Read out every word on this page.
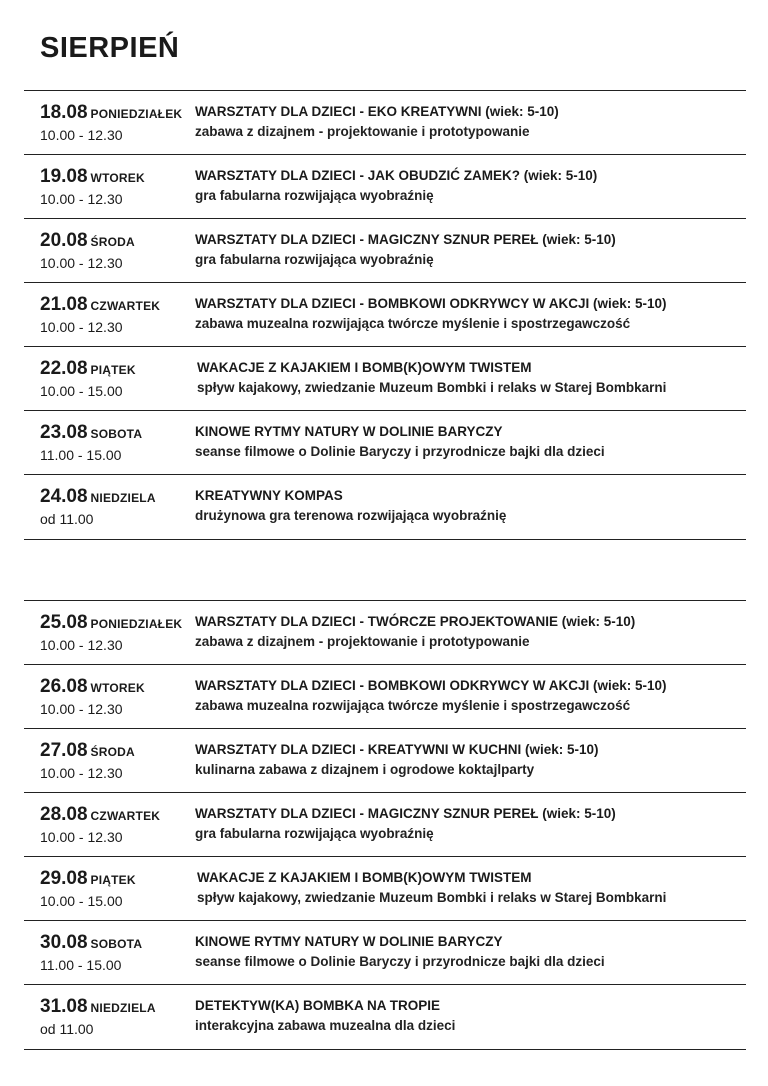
SIERPIEŃ
18.08 PONIEDZIAŁEK
10.00 - 12.30
WARSZTATY DLA DZIECI - EKO KREATYWNI (wiek: 5-10)
zabawa z dizajnem - projektowanie i prototypowanie
19.08 WTOREK
10.00 - 12.30
WARSZTATY DLA DZIECI - JAK OBUDZIĆ ZAMEK? (wiek: 5-10)
gra fabularna rozwijająca wyobraźnię
20.08 ŚRODA
10.00 - 12.30
WARSZTATY DLA DZIECI - MAGICZNY SZNUR PEREŁ (wiek: 5-10)
gra fabularna rozwijająca wyobraźnię
21.08 CZWARTEK
10.00 - 12.30
WARSZTATY DLA DZIECI - BOMBKOWI ODKRYWCY W AKCJI (wiek: 5-10)
zabawa muzealna rozwijająca twórcze myślenie i spostrzegawczość
22.08 PIĄTEK
10.00 - 15.00
WAKACJE Z KAJAKIEM I BOMB(K)OWYM TWISTEM
spływ kajakowy, zwiedzanie Muzeum Bombki i relaks w Starej Bombkarni
23.08 SOBOTA
11.00 - 15.00
KINOWE RYTMY NATURY W DOLINIE BARYCZY
seanse filmowe o Dolinie Baryczy i przyrodnicze bajki dla dzieci
24.08 NIEDZIELA
od 11.00
KREATYWNY KOMPAS
drużynowa gra terenowa rozwijająca wyobraźnię
25.08 PONIEDZIAŁEK
10.00 - 12.30
WARSZTATY DLA DZIECI - TWÓRCZE PROJEKTOWANIE (wiek: 5-10)
zabawa z dizajnem - projektowanie i prototypowanie
26.08 WTOREK
10.00 - 12.30
WARSZTATY DLA DZIECI - BOMBKOWI ODKRYWCY W AKCJI (wiek: 5-10)
zabawa muzealna rozwijająca twórcze myślenie i spostrzegawczość
27.08 ŚRODA
10.00 - 12.30
WARSZTATY DLA DZIECI - KREATYWNI W KUCHNI (wiek: 5-10)
kulinarna zabawa z dizajnem i ogrodowe koktajlparty
28.08 CZWARTEK
10.00 - 12.30
WARSZTATY DLA DZIECI - MAGICZNY SZNUR PEREŁ (wiek: 5-10)
gra fabularna rozwijająca wyobraźnię
29.08 PIĄTEK
10.00 - 15.00
WAKACJE Z KAJAKIEM I BOMB(K)OWYM TWISTEM
spływ kajakowy, zwiedzanie Muzeum Bombki i relaks w Starej Bombkarni
30.08 SOBOTA
11.00 - 15.00
KINOWE RYTMY NATURY W DOLINIE BARYCZY
seanse filmowe o Dolinie Baryczy i przyrodnicze bajki dla dzieci
31.08 NIEDZIELA
od 11.00
DETEKTYW(KA) BOMBKA NA TROPIE
interakcyjna zabawa muzealna dla dzieci
